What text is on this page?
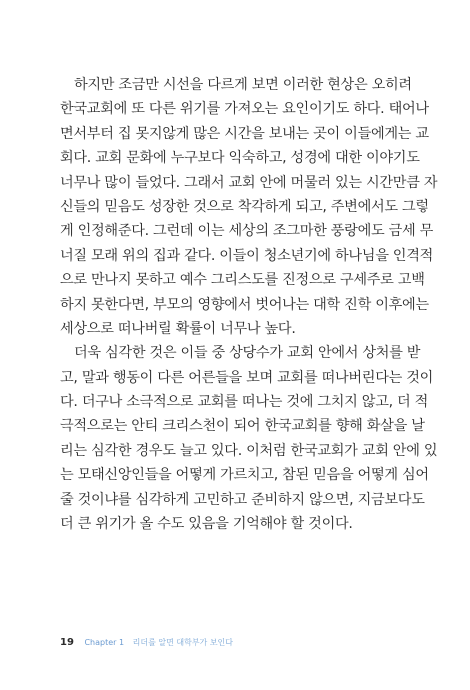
하지만 조금만 시선을 다르게 보면 이러한 현상은 오히려
한국교회에 또 다른 위기를 가져오는 요인이기도 하다. 태어나
면서부터 집 못지않게 많은 시간을 보내는 곳이 이들에게는 교
회다. 교회 문화에 누구보다 익숙하고, 성경에 대한 이야기도
너무나 많이 들었다. 그래서 교회 안에 머물러 있는 시간만큼 자
신들의 믿음도 성장한 것으로 착각하게 되고, 주변에서도 그렇
게 인정해준다. 그런데 이는 세상의 조그마한 풍랑에도 금세 무
너질 모래 위의 집과 같다. 이들이 청소년기에 하나님을 인격적
으로 만나지 못하고 예수 그리스도를 진정으로 구세주로 고백
하지 못한다면, 부모의 영향에서 벗어나는 대학 진학 이후에는
세상으로 떠나버릴 확률이 너무나 높다.
더욱 심각한 것은 이들 중 상당수가 교회 안에서 상처를 받
고, 말과 행동이 다른 어른들을 보며 교회를 떠나버린다는 것이
다. 더구나 소극적으로 교회를 떠나는 것에 그치지 않고, 더 적
극적으로는 안티 크리스천이 되어 한국교회를 향해 화살을 날
리는 심각한 경우도 늘고 있다. 이처럼 한국교회가 교회 안에 있
는 모태신앙인들을 어떻게 가르치고, 참된 믿음을 어떻게 심어
줄 것이냐를 심각하게 고민하고 준비하지 않으면, 지금보다도
더 큰 위기가 올 수도 있음을 기억해야 할 것이다.
19 Chapter 1 리더를 알면 대학부가 보인다
